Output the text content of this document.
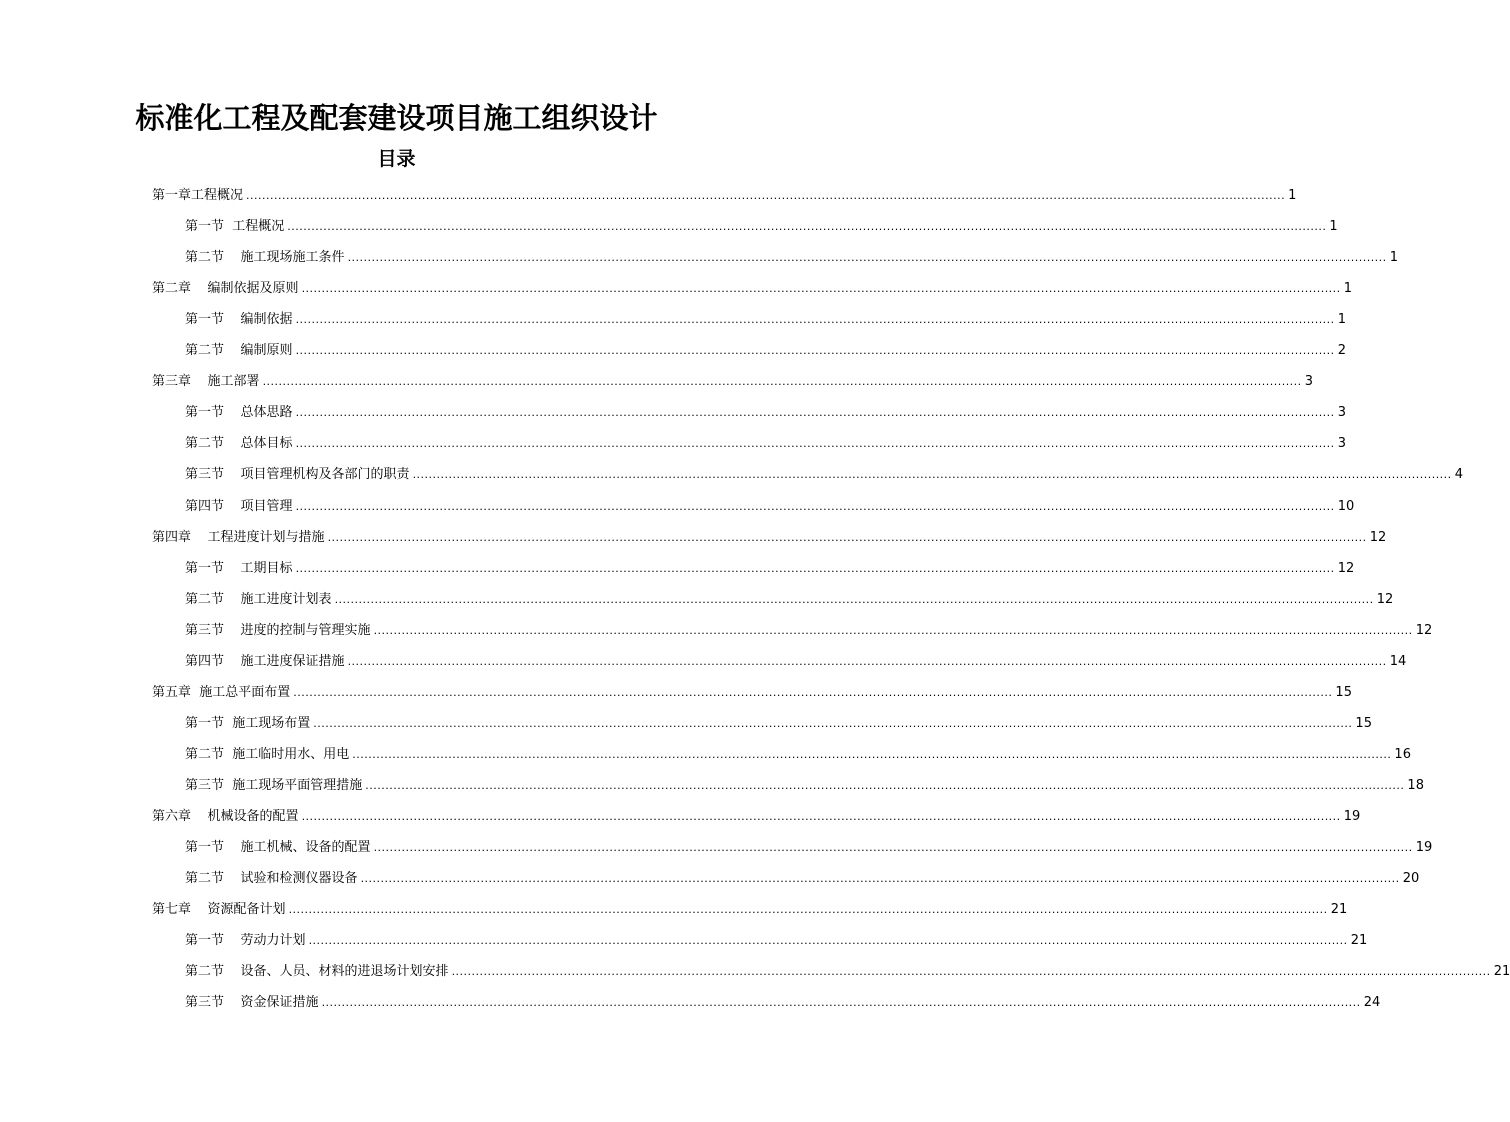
标准化工程及配套建设项目施工组织设计
目录
第一章 工程概况 .................................................................................................................................................................................................................................................................... 1
第一节
工程概况 .................................................................................................................................................................................................................................................................... 1
第二节
施工现场施工条件 .................................................................................................................................................................................................................................................................... 1
第二章
编制依据及原则 .................................................................................................................................................................................................................................................................... 1
第一节
编制依据 .................................................................................................................................................................................................................................................................... 1
第二节
编制原则 .................................................................................................................................................................................................................................................................... 2
第三章
施工部署 .................................................................................................................................................................................................................................................................... 3
第一节
总体思路 .................................................................................................................................................................................................................................................................... 3
第二节
总体目标 .................................................................................................................................................................................................................................................................... 3
第三节
项目管理机构及各部门的职责 .................................................................................................................................................................................................................................................................... 4
第四节
项目管理 .................................................................................................................................................................................................................................................................... 10
第四章
工程进度计划与措施 .................................................................................................................................................................................................................................................................... 12
第一节
工期目标 .................................................................................................................................................................................................................................................................... 12
第二节
施工进度计划表 .................................................................................................................................................................................................................................................................... 12
第三节
进度的控制与管理实施 .................................................................................................................................................................................................................................................................... 12
第四节
施工进度保证措施 .................................................................................................................................................................................................................................................................... 14
第五章
施工总平面布置 .................................................................................................................................................................................................................................................................... 15
第一节
施工现场布置 .................................................................................................................................................................................................................................................................... 15
第二节
施工临时用水、用电 .................................................................................................................................................................................................................................................................... 16
第三节
施工现场平面管理措施 .................................................................................................................................................................................................................................................................... 18
第六章
机械设备的配置 .................................................................................................................................................................................................................................................................... 19
第一节
施工机械、设备的配置 .................................................................................................................................................................................................................................................................... 19
第二节
试验和检测仪器设备 .................................................................................................................................................................................................................................................................... 20
第七章
资源配备计划 .................................................................................................................................................................................................................................................................... 21
第一节
劳动力计划 .................................................................................................................................................................................................................................................................... 21
第二节
设备、人员、材料的进退场计划安排 .................................................................................................................................................................................................................................................................... 21
第三节
资金保证措施 .................................................................................................................................................................................................................................................................... 24
